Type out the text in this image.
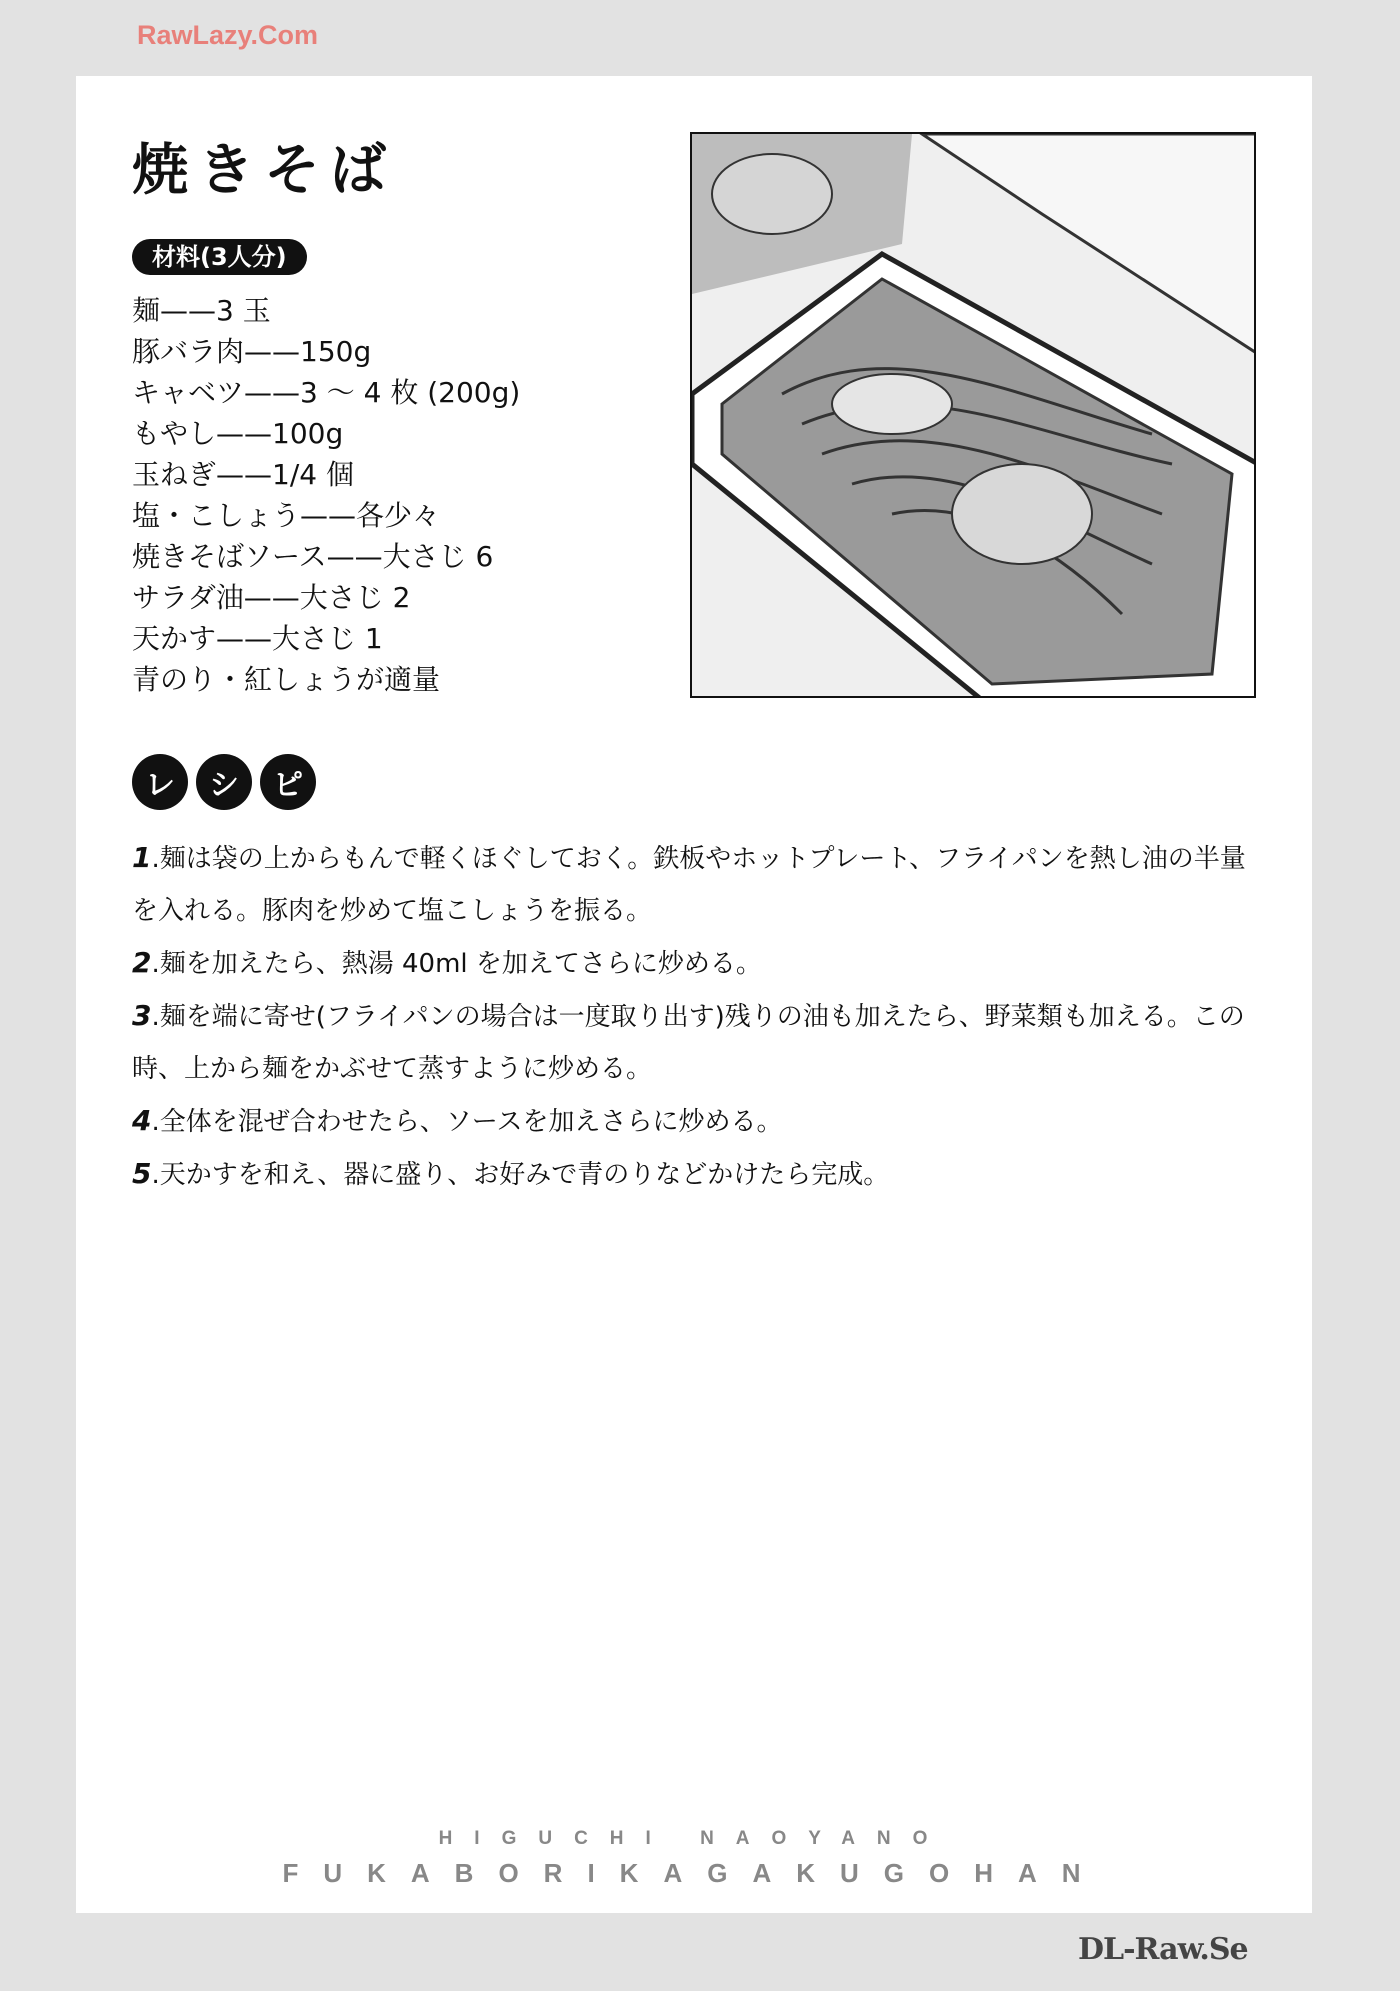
RawLazy.Com
焼きそば
材料(3人分)
麺——3 玉
豚バラ肉——150g
キャベツ——3 ～ 4 枚 (200g)
もやし——100g
玉ねぎ——1/4 個
塩・こしょう——各少々
焼きそばソース——大さじ 6
サラダ油——大さじ 2
天かす——大さじ 1
青のり・紅しょうが適量
レ	シ	ピ
1.麺は袋の上からもんで軽くほぐしておく。鉄板やホットプレート、フライパンを熱し油の半量を入れる。豚肉を炒めて塩こしょうを振る。
2.麺を加えたら、熱湯 40ml を加えてさらに炒める。
3.麺を端に寄せ(フライパンの場合は一度取り出す)残りの油も加えたら、野菜類も加える。この時、上から麺をかぶせて蒸すように炒める。
4.全体を混ぜ合わせたら、ソースを加えさらに炒める。
5.天かすを和え、器に盛り、お好みで青のりなどかけたら完成。
HIGUCHI NAOYANO
FUKABORIKAGAKUGOHAN
DL-Raw.Se
